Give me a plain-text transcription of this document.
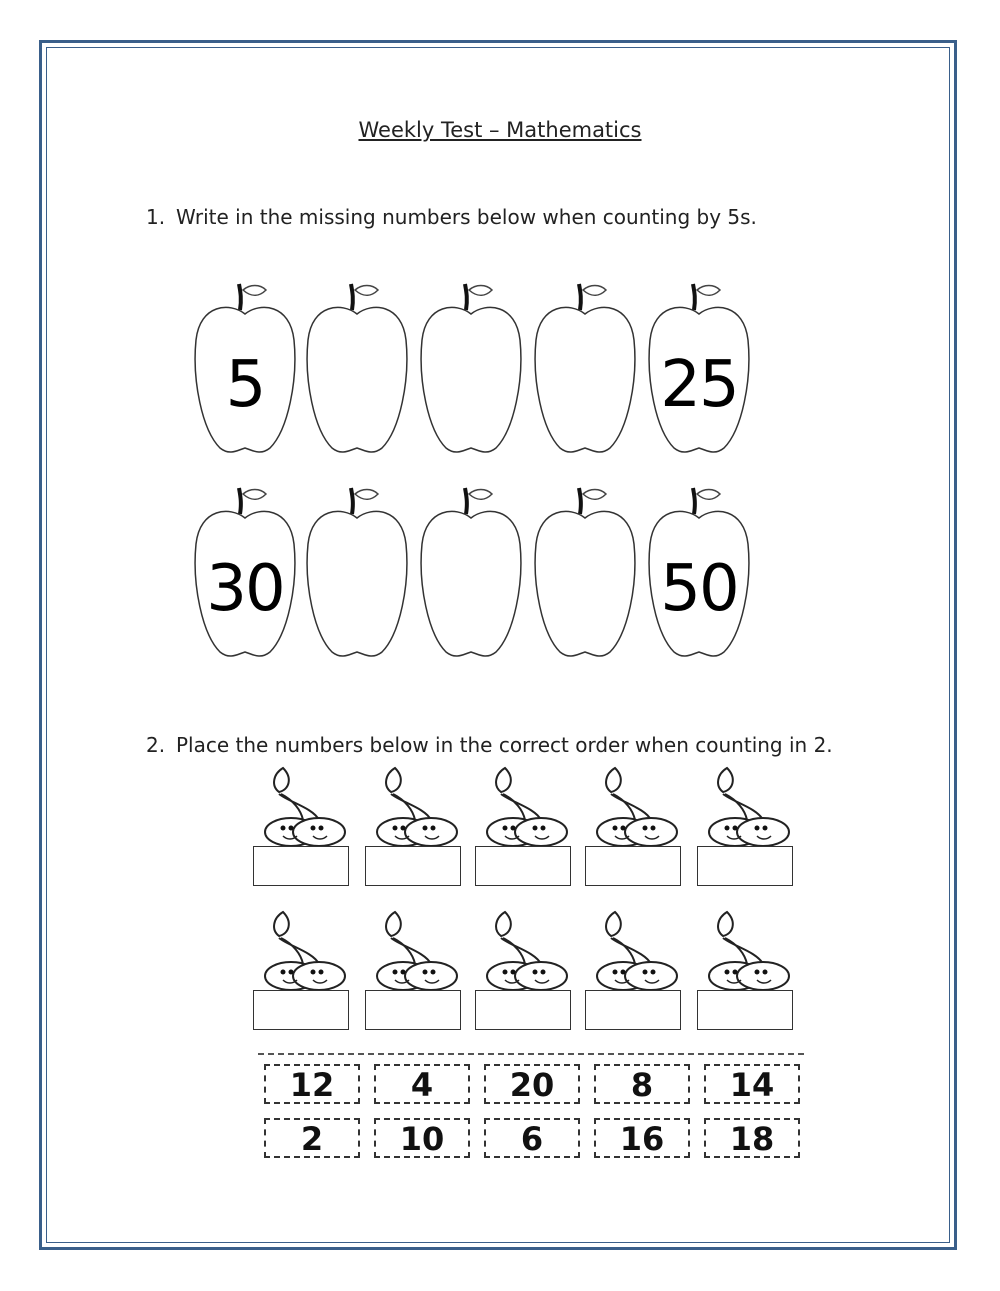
Weekly Test – Mathematics
1. Write in the missing numbers below when counting by 5s.
5	25
30	50
2. Place the numbers below in the correct order when counting in 2.
12	4	20	8	14
2	10	6	16	18
